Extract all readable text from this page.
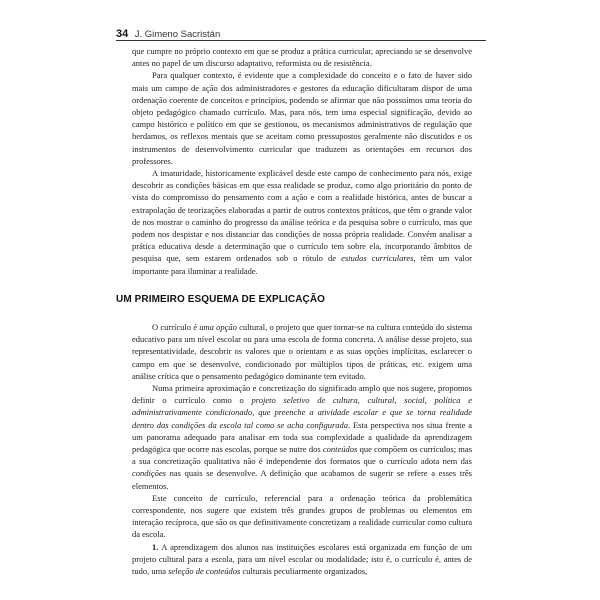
34 J. Gimeno Sacristán

que cumpre no próprio contexto em que se produz a prática curricular, apreciando se se desenvolve antes no papel de um discurso adaptativo, reformista ou de resistência.

Para qualquer contexto, é evidente que a complexidade do conceito e o fato de haver sido mais um campo de ação dos administradores e gestores da educação dificultaram dispor de uma ordenação coerente de conceitos e princípios, podendo se afirmar que não possuímos uma teoria do objeto pedagógico chamado currículo. Mas, para nós, tem uma especial significação, devido ao campo histórico e político em que se gestionou, os mecanismos administrativos de regulação que herdamos, os reflexos mentais que se aceitam como pressupostos geralmente não discutidos e os instrumentos de desenvolvimento curricular que traduzem as orientações em recursos dos professores.

A imaturidade, historicamente explicável desde este campo de conhecimento para nós, exige descobrir as condições básicas em que essa realidade se produz, como algo prioritário do ponto de vista do compromisso do pensamento com a ação e com a realidade histórica, antes de buscar a extrapolação de teorizações elaboradas a partir de outros contextos práticos, que têm o grande valor de nos mostrar o caminho do progresso da análise teórica e da pesquisa sobre o currículo, mas que podem nos despistar e nos distanciar das condições de nossa própria realidade. Convém analisar a prática educativa desde a determinação que o currículo tem sobre ela, incorporando âmbitos de pesquisa que, sem estarem ordenados sob o rótulo de estudos curriculares, têm um valor importante para iluminar a realidade.

UM PRIMEIRO ESQUEMA DE EXPLICAÇÃO

O currículo é uma opção cultural, o projeto que quer tornar-se na cultura conteúdo do sistema educativo para um nível escolar ou para uma escola de forma concreta. A análise desse projeto, sua representatividade, descobrir os valores que o orientam e as suas opções implícitas, esclarecer o campo em que se desenvolve, condicionado por múltiplos tipos de práticas, etc. exigem uma análise crítica que o pensamento pedagógico dominante tem evitado.

Numa primeira aproximação e concretização do significado amplo que nos sugere, propomos definir o currículo como o projeto seletivo de cultura, cultural, social, política e administrativamente condicionado, que preenche a atividade escolar e que se torna realidade dentro das condições da escola tal como se acha configurada. Esta perspectiva nos situa frente a um panorama adequado para analisar em toda sua complexidade a qualidade da aprendizagem pedagógica que ocorre nas escolas, porque se nutre dos conteúdos que compõem os currículos; mas a sua concretização qualitativa não é independente dos formatos que o currículo adota nem das condições nas quais se desenvolve. A definição que acabamos de sugerir se refere a esses três elementos.

Este conceito de currículo, referencial para a ordenação teórica da problemática correspondente, nos sugere que existem três grandes grupos de problemas ou elementos em interação recíproca, que são os que definitivamente concretizam a realidade curricular como cultura da escola.

1. A aprendizagem dos alunos nas instituições escolares está organizada em função de um projeto cultural para a escola, para um nível escolar ou modalidade; isto é, o currículo é, antes de tudo, uma seleção de conteúdos culturais peculiarmente organizados,
